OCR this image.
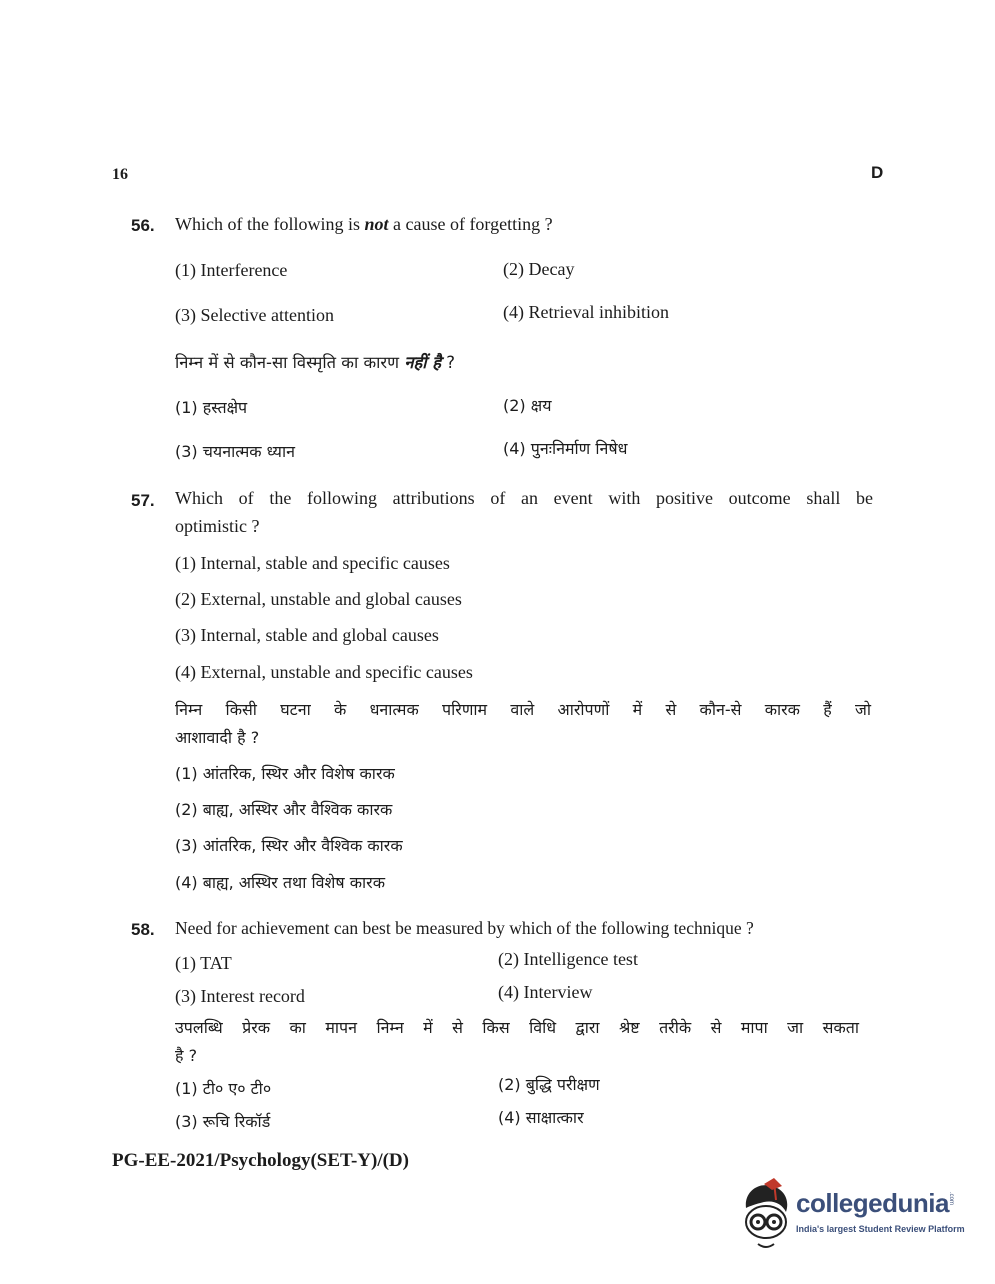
16	D
56. Which of the following is not a cause of forgetting ?
(1) Interference	(2) Decay
(3) Selective attention	(4) Retrieval inhibition
निम्न में से कौन-सा विस्मृति का कारण नहीं है ?
(1) हस्तक्षेप	(2) क्षय
(3) चयनात्मक ध्यान	(4) पुनःनिर्माण निषेध
57. Which of the following attributions of an event with positive outcome shall be
optimistic ?
(1) Internal, stable and specific causes
(2) External, unstable and global causes
(3) Internal, stable and global causes
(4) External, unstable and specific causes
निम्न किसी घटना के धनात्मक परिणाम वाले आरोपणों में से कौन-से कारक हैं जो
आशावादी है ?
(1) आंतरिक, स्थिर और विशेष कारक
(2) बाह्य, अस्थिर और वैश्विक कारक
(3) आंतरिक, स्थिर और वैश्विक कारक
(4) बाह्य, अस्थिर तथा विशेष कारक
58. Need for achievement can best be measured by which of the following technique ?
(1) TAT	(2) Intelligence test
(3) Interest record	(4) Interview
उपलब्धि प्रेरक का मापन निम्न में से किस विधि द्वारा श्रेष्ट तरीके से मापा जा सकता
है ?
(1) टी० ए० टी०	(2) बुद्धि परीक्षण
(3) रूचि रिकॉर्ड	(4) साक्षात्कार
PG-EE-2021/Psychology(SET-Y)/(D)
collegedunia
India's largest Student Review Platform
.com
